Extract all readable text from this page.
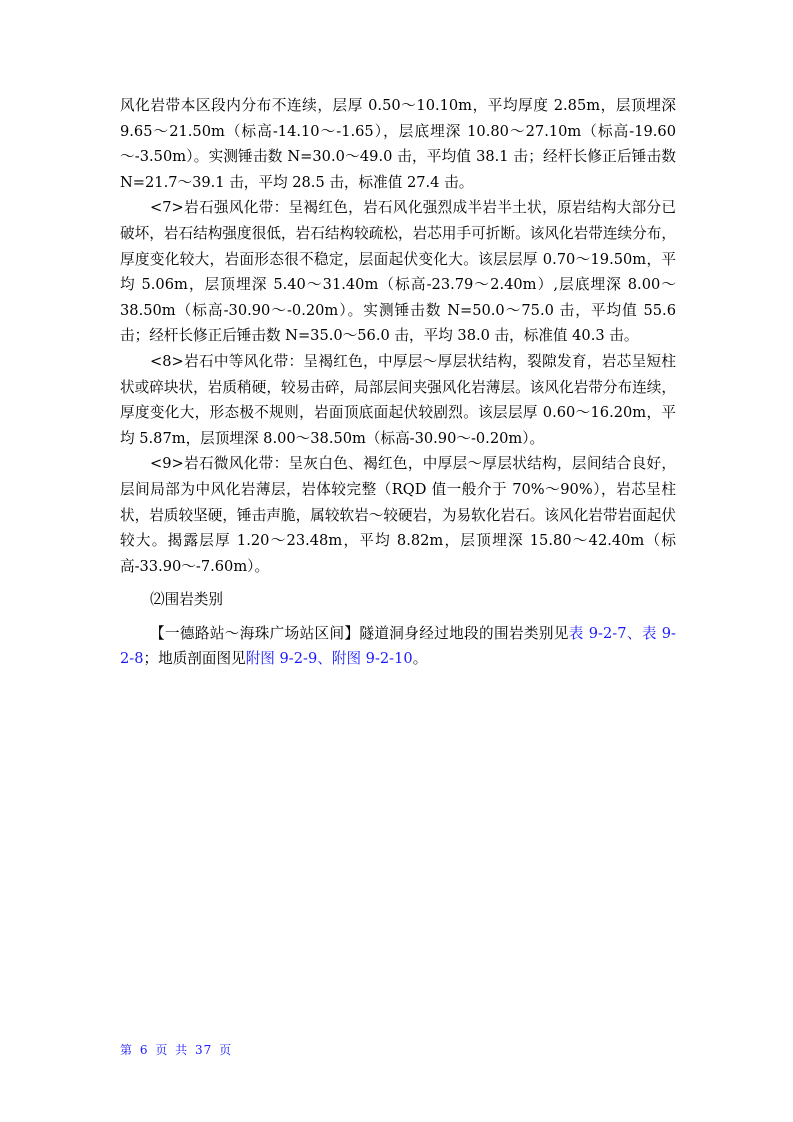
风化岩带本区段内分布不连续，层厚 0.50～10.10m，平均厚度 2.85m，层顶埋深 9.65～21.50m（标高-14.10～-1.65），层底埋深 10.80～27.10m（标高-19.60～-3.50m）。实测锤击数 N=30.0～49.0 击，平均值 38.1 击；经杆长修正后锤击数 N=21.7～39.1 击，平均 28.5 击，标准值 27.4 击。

<7>岩石强风化带：呈褐红色，岩石风化强烈成半岩半土状，原岩结构大部分已破坏，岩石结构强度很低，岩石结构较疏松，岩芯用手可折断。该风化岩带连续分布，厚度变化较大，岩面形态很不稳定，层面起伏变化大。该层层厚 0.70～19.50m，平均 5.06m，层顶埋深 5.40～31.40m（标高-23.79～2.40m）,层底埋深 8.00～38.50m（标高-30.90～-0.20m）。实测锤击数 N=50.0～75.0 击，平均值 55.6 击；经杆长修正后锤击数 N=35.0～56.0 击，平均 38.0 击，标准值 40.3 击。

<8>岩石中等风化带：呈褐红色，中厚层～厚层状结构，裂隙发育，岩芯呈短柱状或碎块状，岩质稍硬，较易击碎，局部层间夹强风化岩薄层。该风化岩带分布连续，厚度变化大，形态极不规则，岩面顶底面起伏较剧烈。该层层厚 0.60～16.20m，平均 5.87m，层顶埋深 8.00～38.50m（标高-30.90～-0.20m）。

<9>岩石微风化带：呈灰白色、褐红色，中厚层～厚层状结构，层间结合良好，层间局部为中风化岩薄层，岩体较完整（RQD 值一般介于 70%～90%），岩芯呈柱状，岩质较坚硬，锤击声脆，属较软岩～较硬岩，为易软化岩石。该风化岩带岩面起伏较大。揭露层厚 1.20～23.48m，平均 8.82m，层顶埋深 15.80～42.40m（标高-33.90～-7.60m）。

⑵围岩类别

【一德路站～海珠广场站区间】隧道洞身经过地段的围岩类别见表 9-2-7、表 9-2-8；地质剖面图见附图 9-2-9、附图 9-2-10。

第 6 页 共 37 页
